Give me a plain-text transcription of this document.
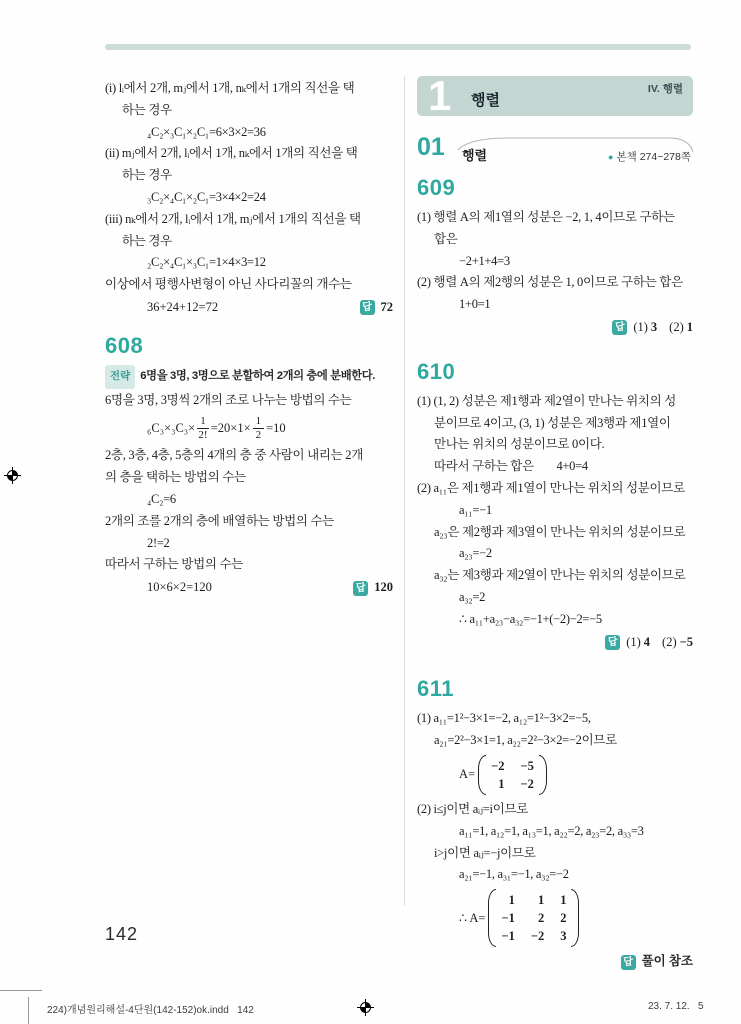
(i) lᵢ에서 2개, mⱼ에서 1개, nₖ에서 1개의 직선을 택
하는 경우
₄C₂×₃C₁×₂C₁=6×3×2=36
(ii) mⱼ에서 2개, lᵢ에서 1개, nₖ에서 1개의 직선을 택
하는 경우
₃C₂×₄C₁×₂C₁=3×4×2=24
(iii) nₖ에서 2개, lᵢ에서 1개, mⱼ에서 1개의 직선을 택
하는 경우
₂C₂×₄C₁×₃C₁=1×4×3=12
이상에서 평행사변형이 아닌 사다리꼴의 개수는
36+24+12=72	답 72
608
전략 6명을 3명, 3명으로 분할하여 2개의 층에 분배한다.
6명을 3명, 3명씩 2개의 조로 나누는 방법의 수는
$_6C_3\times_3C_3\times \frac{1}{2!} =20\times 1\times \frac{1}{2} =10$
2층, 3층, 4층, 5층의 4개의 층 중 사람이 내리는 2개
의 층을 택하는 방법의 수는
₄C₂=6
2개의 조를 2개의 층에 배열하는 방법의 수는
2!=2
따라서 구하는 방법의 수는
10×6×2=120	답 120
1 행렬
IV. 행렬
01 행렬	● 본책 274~278쪽
609
(1) 행렬 A의 제1열의 성분은 −2, 1, 4이므로 구하는
합은
−2+1+4=3
(2) 행렬 A의 제2행의 성분은 1, 0이므로 구하는 합은
1+0=1
답 (1) 3 (2) 1
610
(1) (1, 2) 성분은 제1행과 제2열이 만나는 위치의 성
분이므로 4이고, (3, 1) 성분은 제3행과 제1열이
만나는 위치의 성분이므로 0이다.
따라서 구하는 합은        4+0=4
(2) a₁₁은 제1행과 제1열이 만나는 위치의 성분이므로
a₁₁=−1
a₂₃은 제2행과 제3열이 만나는 위치의 성분이므로
a₂₃=−2
a₃₂는 제3행과 제2열이 만나는 위치의 성분이므로
a₃₂=2
∴ a₁₁+a₂₃−a₃₂=−1+(−2)−2=−5
답 (1) 4 (2) −5
611
(1) a₁₁=1²−3×1=−2, a₁₂=1²−3×2=−5,
a₂₁=2²−3×1=1, a₂₂=2²−3×2=−2이므로
A=
−2 −5
1 −2
(2) i≤j이면 aᵢⱼ=i이므로
a₁₁=1, a₁₂=1, a₁₃=1, a₂₂=2, a₂₃=2, a₃₃=3
i>j이면 aᵢⱼ=−j이므로
a₂₁=−1, a₃₁=−1, a₃₂=−2
∴ A=
1 1 1
−1 2 2
−1 −2 3
답 풀이 참조
142
224)개념원리해설-4단원(142-152)ok.indd   142	23. 7. 12.   5
